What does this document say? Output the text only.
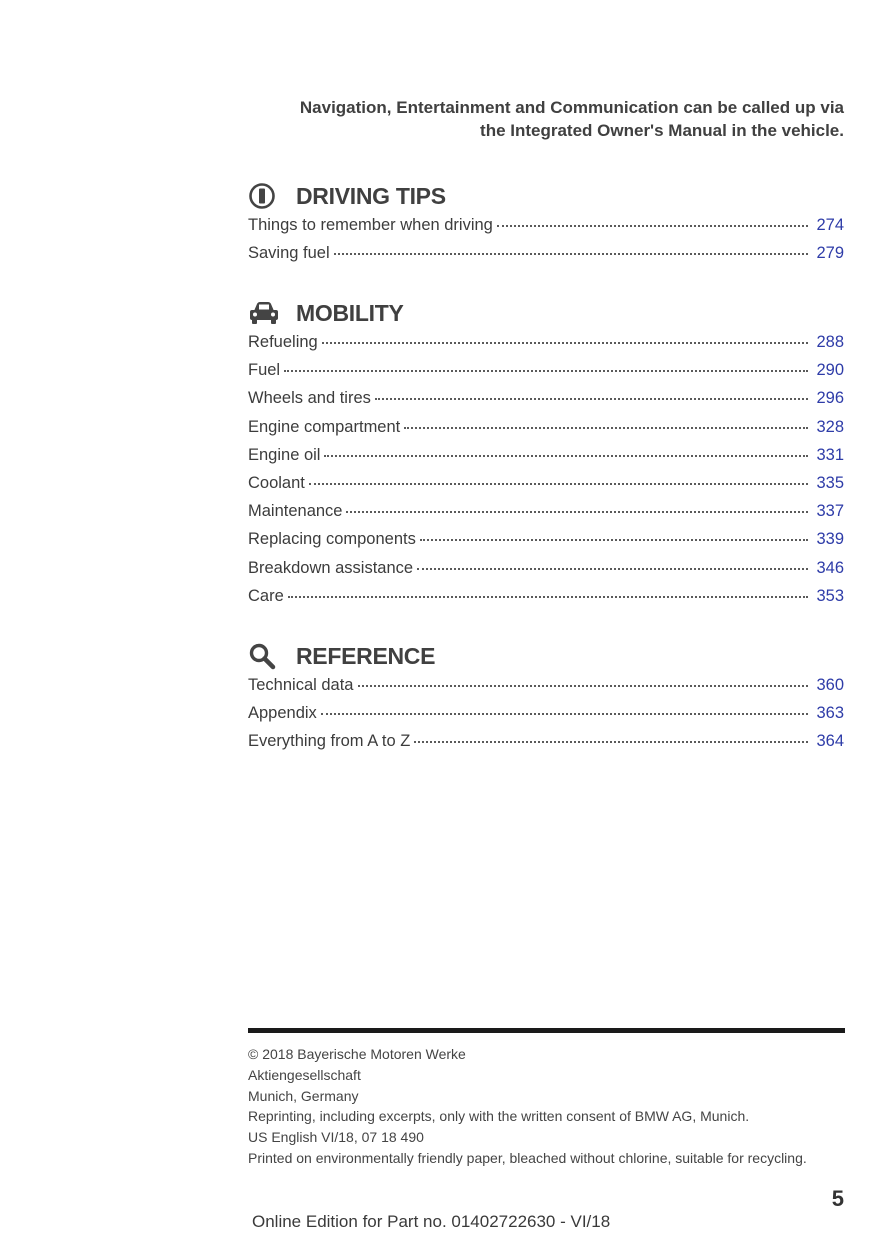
Navigation, Entertainment and Communication can be called up via
the Integrated Owner's Manual in the vehicle.
DRIVING TIPS
Things to remember when driving	274
Saving fuel	279
MOBILITY
Refueling	288
Fuel	290
Wheels and tires	296
Engine compartment	328
Engine oil	331
Coolant	335
Maintenance	337
Replacing components	339
Breakdown assistance	346
Care	353
REFERENCE
Technical data	360
Appendix	363
Everything from A to Z	364
© 2018 Bayerische Motoren Werke
Aktiengesellschaft
Munich, Germany
Reprinting, including excerpts, only with the written consent of BMW AG, Munich.
US English VI/18, 07 18 490
Printed on environmentally friendly paper, bleached without chlorine, suitable for recycling.
5
Online Edition for Part no. 01402722630 - VI/18
